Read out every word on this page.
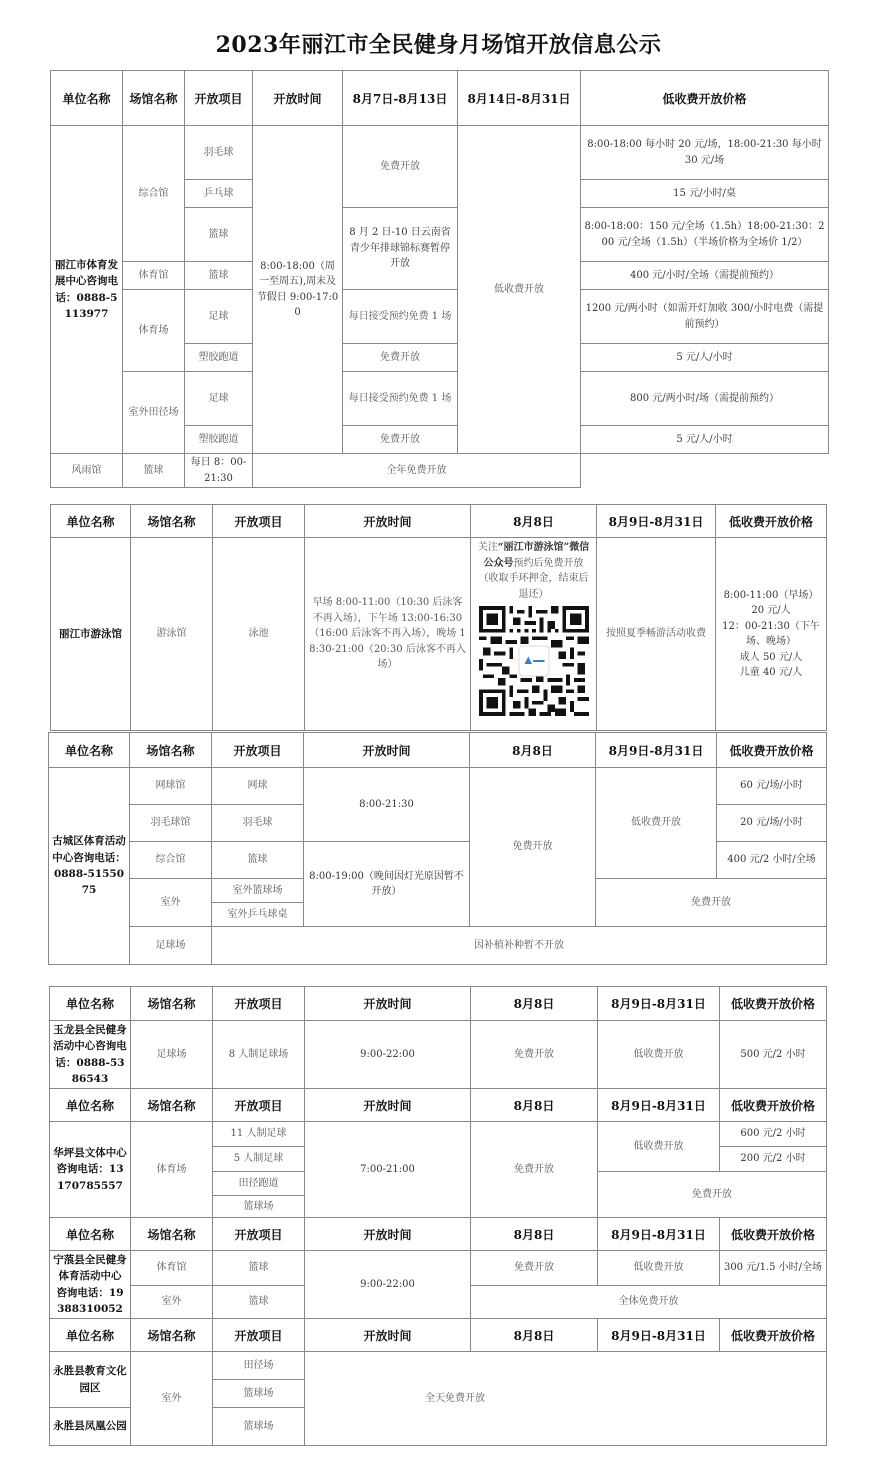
2023年丽江市全民健身月场馆开放信息公示
单位名称	场馆名称	开放项目	开放时间	8月7日-8月13日	8月14日-8月31日	低收费开放价格
丽江市体育发展中心咨询电话：0888-5113977	综合馆	羽毛球	8:00-18:00（周一至周五),周末及节假日 9:00-17:00	免费开放	低收费开放	8:00-18:00 每小时 20 元/场，18:00-21:30 每小时 30 元/场
		乒乓球				15 元/小时/桌
		篮球		8 月 2 日-10 日云南省青少年排球锦标赛暂停开放		8:00-18:00：150 元/全场（1.5h）18:00-21:30：200 元/全场（1.5h）（半场价格为全场价 1/2）
	体育馆	篮球				400 元/小时/全场（需提前预约）
	体育场	足球		每日接受预约免费 1 场		1200 元/两小时（如需开灯加收 300/小时电费（需提前预约）
		塑胶跑道		免费开放		5 元/人/小时
	室外田径场	足球		每日接受预约免费 1 场		800 元/两小时/场（需提前预约）
		塑胶跑道		免费开放		5 元/人/小时
风雨馆	篮球	每日 8：00-21:30	全年免费开放			
单位名称	场馆名称	开放项目	开放时间	8月8日	8月9日-8月31日	低收费开放价格
丽江市游泳馆	游泳馆	泳池	早场 8:00-11:00（10:30 后泳客不再入场），下午场 13:00-16:30（16:00 后泳客不再入场），晚场 18:30-21:00（20:30 后泳客不再入场）	关注“丽江市游泳馆”微信公众号预约后免费开放（收取手环押金，结束后退还）	按照夏季畅游活动收费	8:00-11:00（早场）
20 元/人
12：00-21:30（下午场、晚场）
成人 50 元/人
儿童 40 元/人
单位名称	场馆名称	开放项目	开放时间	8月8日	8月9日-8月31日	低收费开放价格
古城区体育活动中心咨询电话：0888-5155075	网球馆	网球	8:00-21:30	免费开放	低收费开放	60 元/场/小时
	羽毛球馆	羽毛球				20 元/场/小时
	综合馆	篮球	8:00-19:00（晚间因灯光原因暂不开放）			400 元/2 小时/全场
	室外	室外篮球场			免费开放	
		室外乒乓球桌				
	足球场	因补植补种暂不开放				
单位名称	场馆名称	开放项目	开放时间	8月8日	8月9日-8月31日	低收费开放价格
玉龙县全民健身活动中心咨询电话：0888-5386543	足球场	8 人制足球场	9:00-22:00	免费开放	低收费开放	500 元/2 小时
单位名称	场馆名称	开放项目	开放时间	8月8日	8月9日-8月31日	低收费开放价格
华坪县文体中心咨询电话：13170785557	体育场	11 人制足球	7:00-21:00	免费开放	低收费开放	600 元/2 小时
		5 人制足球				200 元/2 小时
		田径跑道			免费开放	
		篮球场				
单位名称	场馆名称	开放项目	开放时间	8月8日	8月9日-8月31日	低收费开放价格
宁蒗县全民健身体育活动中心 咨询电话：19388310052	体育馆	篮球	9:00-22:00	免费开放	低收费开放	300 元/1.5 小时/全场
	室外	篮球		全体免费开放		
单位名称	场馆名称	开放项目	开放时间	8月8日	8月9日-8月31日	低收费开放价格
永胜县教育文化园区	室外	田径场	全天免费开放			
		篮球场				
永胜县凤凰公园		篮球场				
